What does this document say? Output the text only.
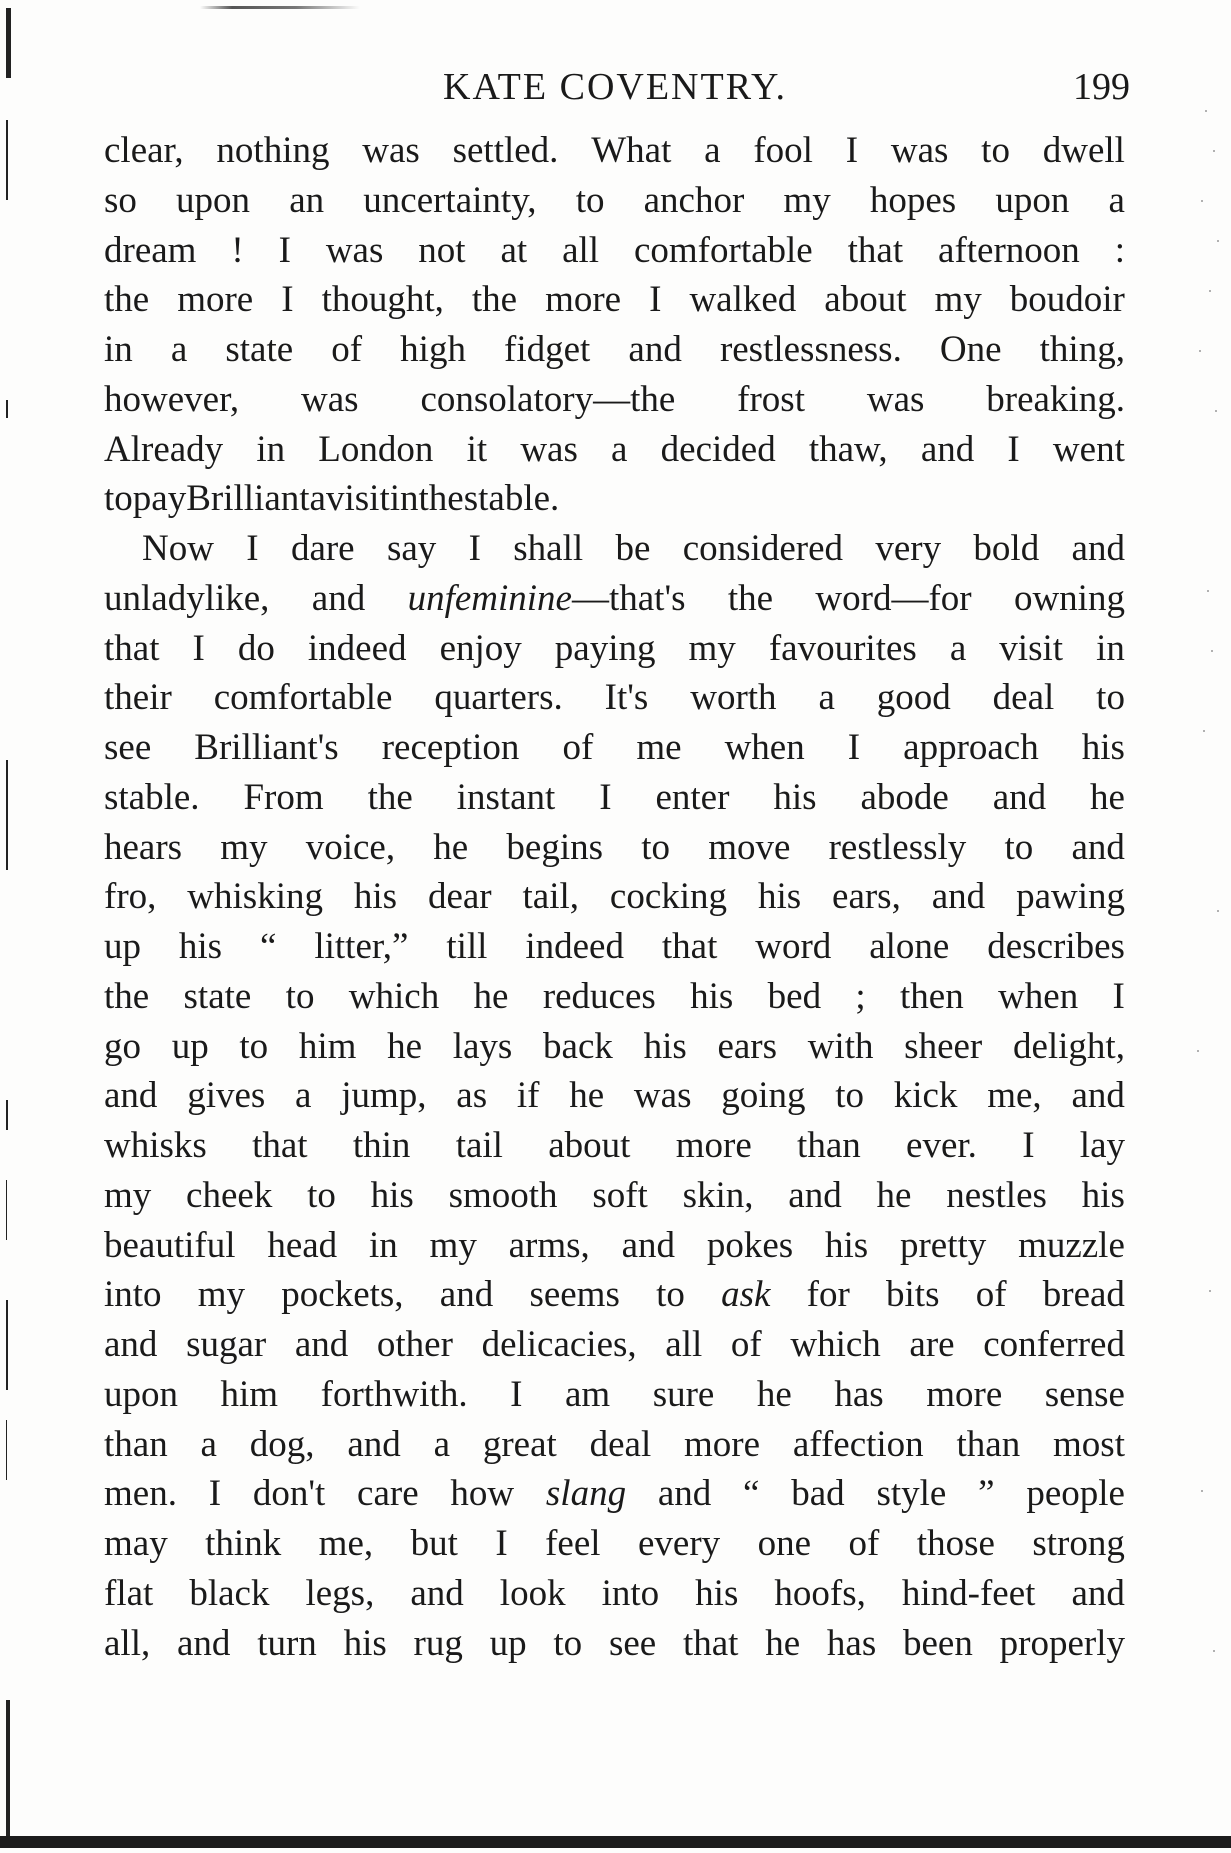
KATE COVENTRY.	199
clear, nothing was settled. What a fool I was to dwell
so upon an uncertainty, to anchor my hopes upon a
dream ! I was not at all comfortable that afternoon :
the more I thought, the more I walked about my boudoir
in a state of high fidget and restlessness. One thing,
however, was consolatory—the frost was breaking.
Already in London it was a decided thaw, and I went
to pay Brilliant a visit in the stable.
Now I dare say I shall be considered very bold and
unladylike, and unfeminine—that's the word—for owning
that I do indeed enjoy paying my favourites a visit in
their comfortable quarters. It's worth a good deal to
see Brilliant's reception of me when I approach his
stable. From the instant I enter his abode and he
hears my voice, he begins to move restlessly to and
fro, whisking his dear tail, cocking his ears, and pawing
up his “ litter,” till indeed that word alone describes
the state to which he reduces his bed ; then when I
go up to him he lays back his ears with sheer delight,
and gives a jump, as if he was going to kick me, and
whisks that thin tail about more than ever. I lay
my cheek to his smooth soft skin, and he nestles his
beautiful head in my arms, and pokes his pretty muzzle
into my pockets, and seems to ask for bits of bread
and sugar and other delicacies, all of which are conferred
upon him forthwith. I am sure he has more sense
than a dog, and a great deal more affection than most
men. I don't care how slang and “ bad style ” people
may think me, but I feel every one of those strong
flat black legs, and look into his hoofs, hind-feet and
all, and turn his rug up to see that he has been properly
